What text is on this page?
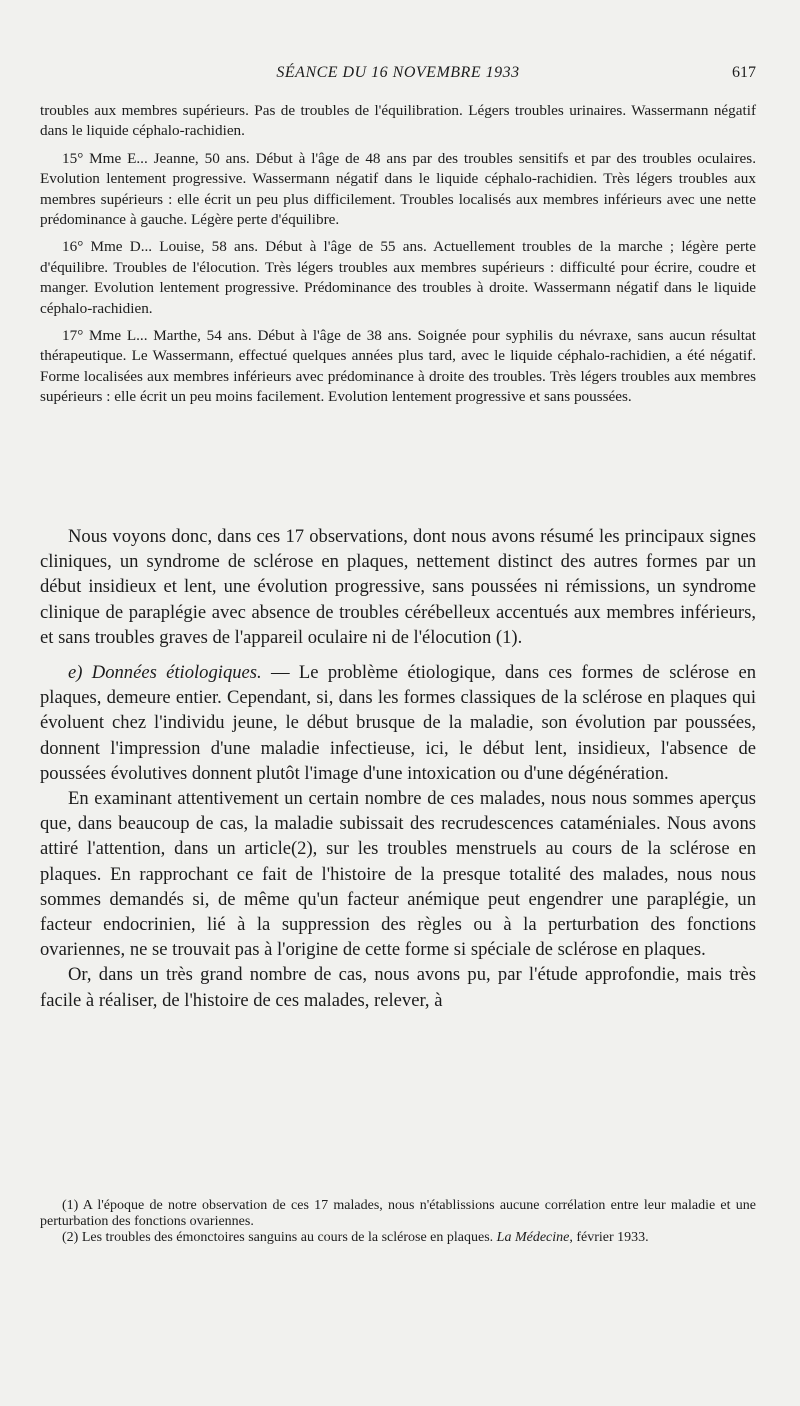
SÉANCE DU 16 NOVEMBRE 1933	617

troubles aux membres supérieurs. Pas de troubles de l'équilibration. Légers troubles urinaires. Wassermann négatif dans le liquide céphalo-rachidien.

15° Mme E... Jeanne, 50 ans. Début à l'âge de 48 ans par des troubles sensitifs et par des troubles oculaires. Evolution lentement progressive. Wassermann négatif dans le liquide céphalo-rachidien. Très légers troubles aux membres supérieurs : elle écrit un peu plus difficilement. Troubles localisés aux membres inférieurs avec une nette prédominance à gauche. Légère perte d'équilibre.

16° Mme D... Louise, 58 ans. Début à l'âge de 55 ans. Actuellement troubles de la marche ; légère perte d'équilibre. Troubles de l'élocution. Très légers troubles aux membres supérieurs : difficulté pour écrire, coudre et manger. Evolution lentement progressive. Prédominance des troubles à droite. Wassermann négatif dans le liquide céphalo-rachidien.

17° Mme L... Marthe, 54 ans. Début à l'âge de 38 ans. Soignée pour syphilis du névraxe, sans aucun résultat thérapeutique. Le Wassermann, effectué quelques années plus tard, avec le liquide céphalo-rachidien, a été négatif. Forme localisées aux membres inférieurs avec prédominance à droite des troubles. Très légers troubles aux membres supérieurs : elle écrit un peu moins facilement. Evolution lentement progressive et sans poussées.

Nous voyons donc, dans ces 17 observations, dont nous avons résumé les principaux signes cliniques, un syndrome de sclérose en plaques, nettement distinct des autres formes par un début insidieux et lent, une évolution progressive, sans poussées ni rémissions, un syndrome clinique de paraplégie avec absence de troubles cérébelleux accentués aux membres inférieurs, et sans troubles graves de l'appareil oculaire ni de l'élocution (1).

e) Données étiologiques. — Le problème étiologique, dans ces formes de sclérose en plaques, demeure entier. Cependant, si, dans les formes classiques de la sclérose en plaques qui évoluent chez l'individu jeune, le début brusque de la maladie, son évolution par poussées, donnent l'impression d'une maladie infectieuse, ici, le début lent, insidieux, l'absence de poussées évolutives donnent plutôt l'image d'une intoxication ou d'une dégénération.

En examinant attentivement un certain nombre de ces malades, nous nous sommes aperçus que, dans beaucoup de cas, la maladie subissait des recrudescences cataméniales. Nous avons attiré l'attention, dans un article(2), sur les troubles menstruels au cours de la sclérose en plaques. En rapprochant ce fait de l'histoire de la presque totalité des malades, nous nous sommes demandés si, de même qu'un facteur anémique peut engendrer une paraplégie, un facteur endocrinien, lié à la suppression des règles ou à la perturbation des fonctions ovariennes, ne se trouvait pas à l'origine de cette forme si spéciale de sclérose en plaques.

Or, dans un très grand nombre de cas, nous avons pu, par l'étude approfondie, mais très facile à réaliser, de l'histoire de ces malades, relever, à

(1) A l'époque de notre observation de ces 17 malades, nous n'établissions aucune corrélation entre leur maladie et une perturbation des fonctions ovariennes.

(2) Les troubles des émonctoires sanguins au cours de la sclérose en plaques. La Médecine, février 1933.
